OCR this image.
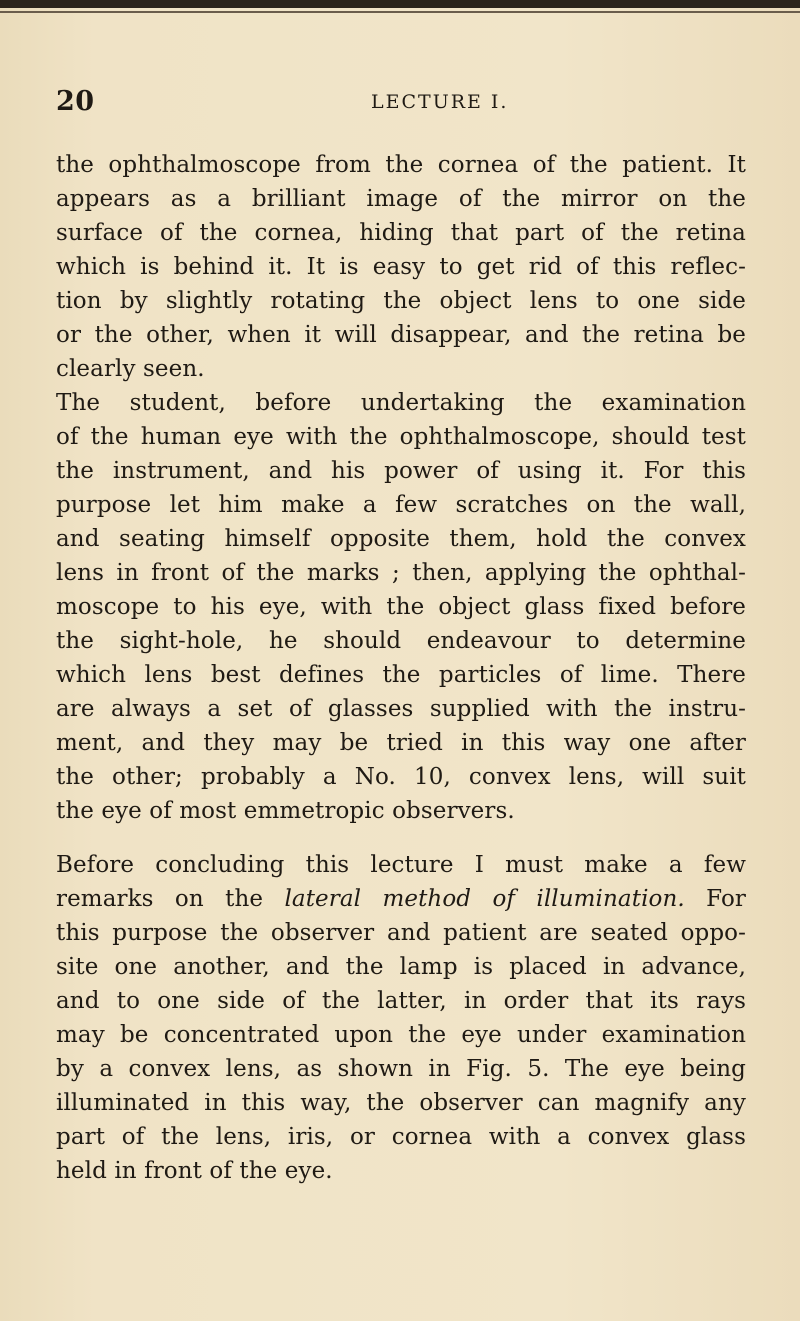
20	LECTURE I.
the ophthalmoscope from the cornea of the patient. It
appears as a brilliant image of the mirror on the
surface of the cornea, hiding that part of the retina
which is behind it. It is easy to get rid of this reflec-
tion by slightly rotating the object lens to one side
or the other, when it will disappear, and the retina be
clearly seen.
The student, before undertaking the examination
of the human eye with the ophthalmoscope, should test
the instrument, and his power of using it. For this
purpose let him make a few scratches on the wall,
and seating himself opposite them, hold the convex
lens in front of the marks ; then, applying the ophthal-
moscope to his eye, with the object glass fixed before
the sight-hole, he should endeavour to determine
which lens best defines the particles of lime. There
are always a set of glasses supplied with the instru-
ment, and they may be tried in this way one after
the other; probably a No. 10, convex lens, will suit
the eye of most emmetropic observers.
Before concluding this lecture I must make a few
remarks on the lateral method of illumination. For
this purpose the observer and patient are seated oppo-
site one another, and the lamp is placed in advance,
and to one side of the latter, in order that its rays
may be concentrated upon the eye under examination
by a convex lens, as shown in Fig. 5. The eye being
illuminated in this way, the observer can magnify any
part of the lens, iris, or cornea with a convex glass
held in front of the eye.
